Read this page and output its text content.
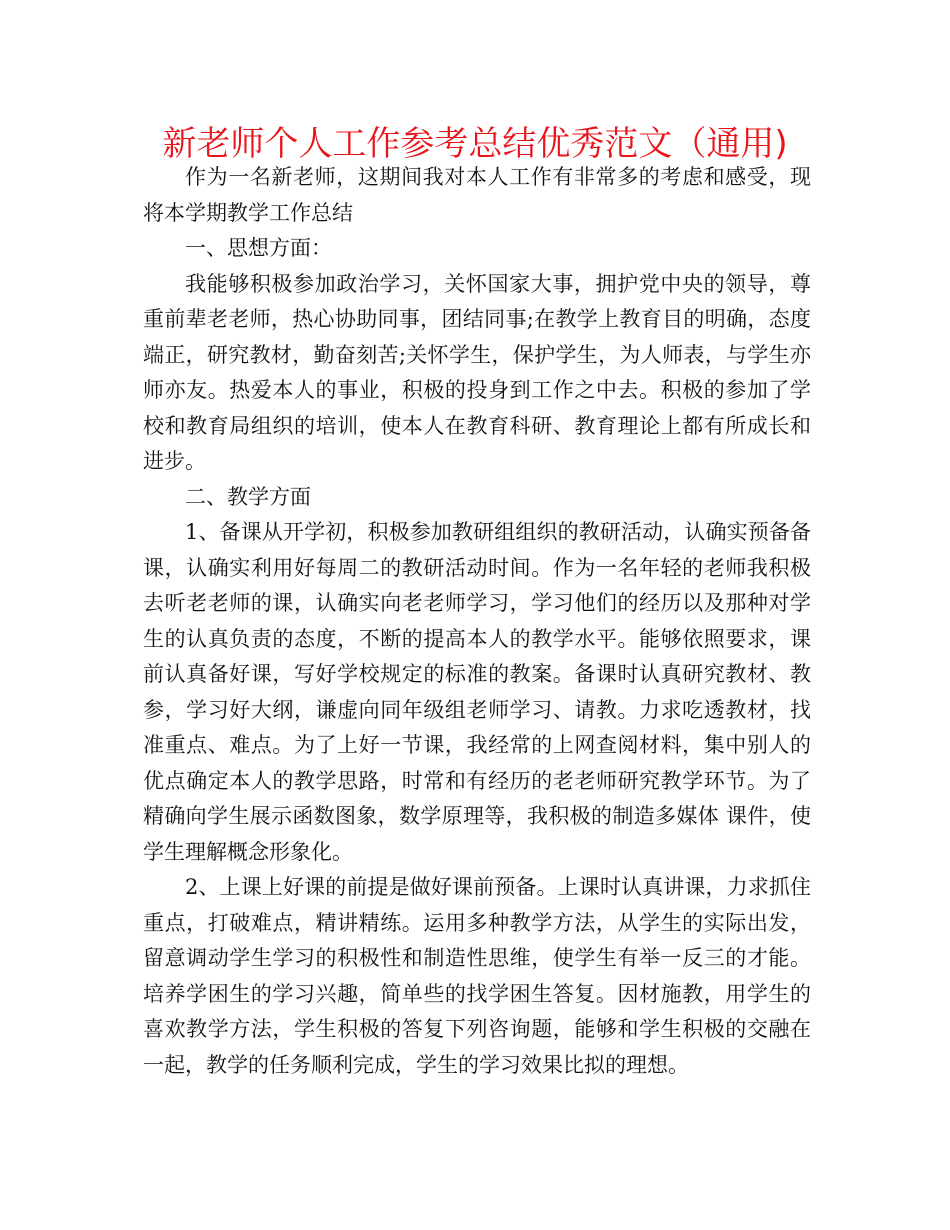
新老师个人工作参考总结优秀范文（通用)

作为一名新老师，这期间我对本人工作有非常多的考虑和感受，现将本学期教学工作总结

一、思想方面：

我能够积极参加政治学习，关怀国家大事，拥护党中央的领导，尊重前辈老老师，热心协助同事，团结同事;在教学上教育目的明确，态度端正，研究教材，勤奋刻苦;关怀学生，保护学生，为人师表，与学生亦师亦友。热爱本人的事业，积极的投身到工作之中去。积极的参加了学校和教育局组织的培训，使本人在教育科研、教育理论上都有所成长和进步。

二、教学方面

1、备课从开学初，积极参加教研组组织的教研活动，认确实预备备课，认确实利用好每周二的教研活动时间。作为一名年轻的老师我积极去听老老师的课，认确实向老老师学习，学习他们的经历以及那种对学生的认真负责的态度，不断的提高本人的教学水平。能够依照要求，课前认真备好课，写好学校规定的标准的教案。备课时认真研究教材、教参，学习好大纲，谦虚向同年级组老师学习、请教。力求吃透教材，找准重点、难点。为了上好一节课，我经常的上网查阅材料，集中别人的优点确定本人的教学思路，时常和有经历的老老师研究教学环节。为了精确向学生展示函数图象，数学原理等，我积极的制造多媒体 课件，使学生理解概念形象化。

2、上课上好课的前提是做好课前预备。上课时认真讲课，力求抓住重点，打破难点，精讲精练。运用多种教学方法，从学生的实际出发，留意调动学生学习的积极性和制造性思维，使学生有举一反三的才能。培养学困生的学习兴趣，简单些的找学困生答复。因材施教，用学生的喜欢教学方法，学生积极的答复下列咨询题，能够和学生积极的交融在一起，教学的任务顺利完成，学生的学习效果比拟的理想。
